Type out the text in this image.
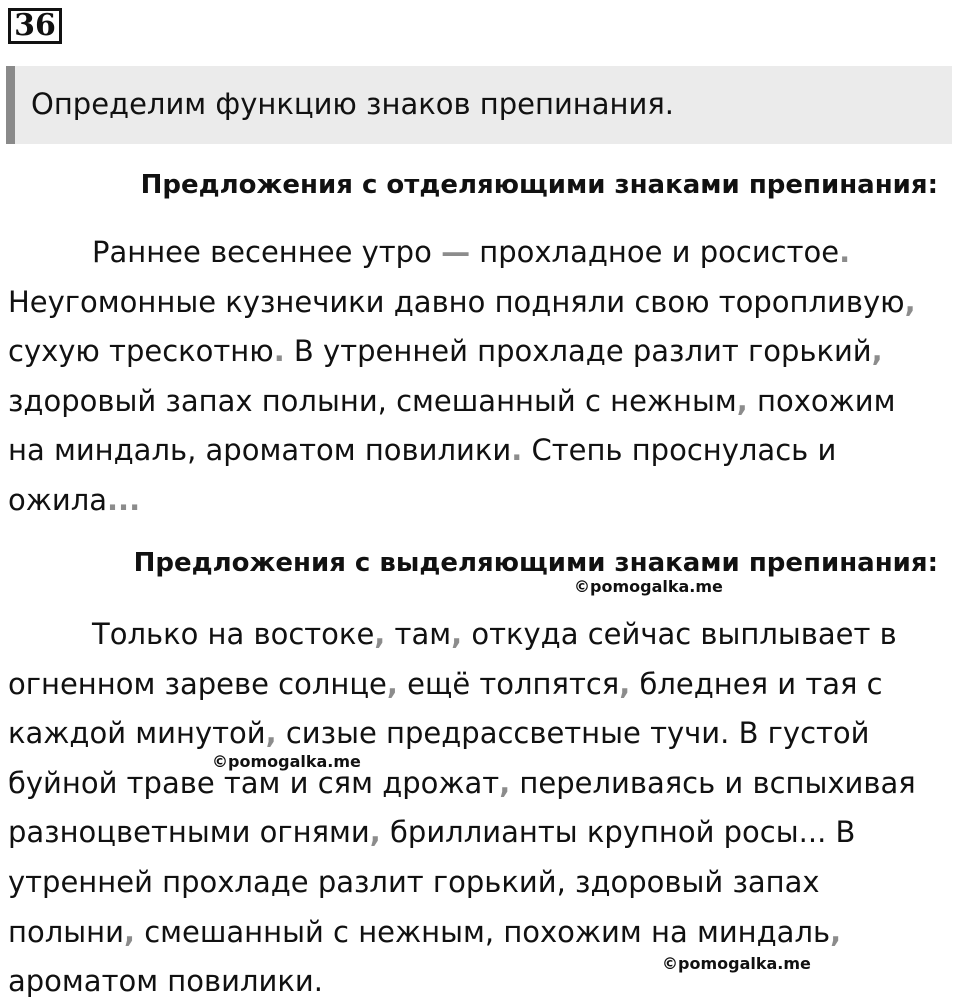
36
Определим функцию знаков препинания.
Предложения с отделяющими знаками препинания:
Раннее весеннее утро — прохладное и росистое.
Неугомонные кузнечики давно подняли свою торопливую,
сухую трескотню. В утренней прохладе разлит горький,
здоровый запах полыни, смешанный с нежным, похожим
на миндаль, ароматом повилики. Степь проснулась и
ожила...
Предложения с выделяющими знаками препинания:
Только на востоке, там, откуда сейчас выплывает в
огненном зареве солнце, ещё толпятся, бледнея и тая с
каждой минутой, сизые предрассветные тучи. В густой
буйной траве там и сям дрожат, переливаясь и вспыхивая
разноцветными огнями, бриллианты крупной росы... В
утренней прохладе разлит горький, здоровый запах
полыни, смешанный с нежным, похожим на миндаль,
ароматом повилики.
©pomogalka.me
©pomogalka.me
©pomogalka.me
